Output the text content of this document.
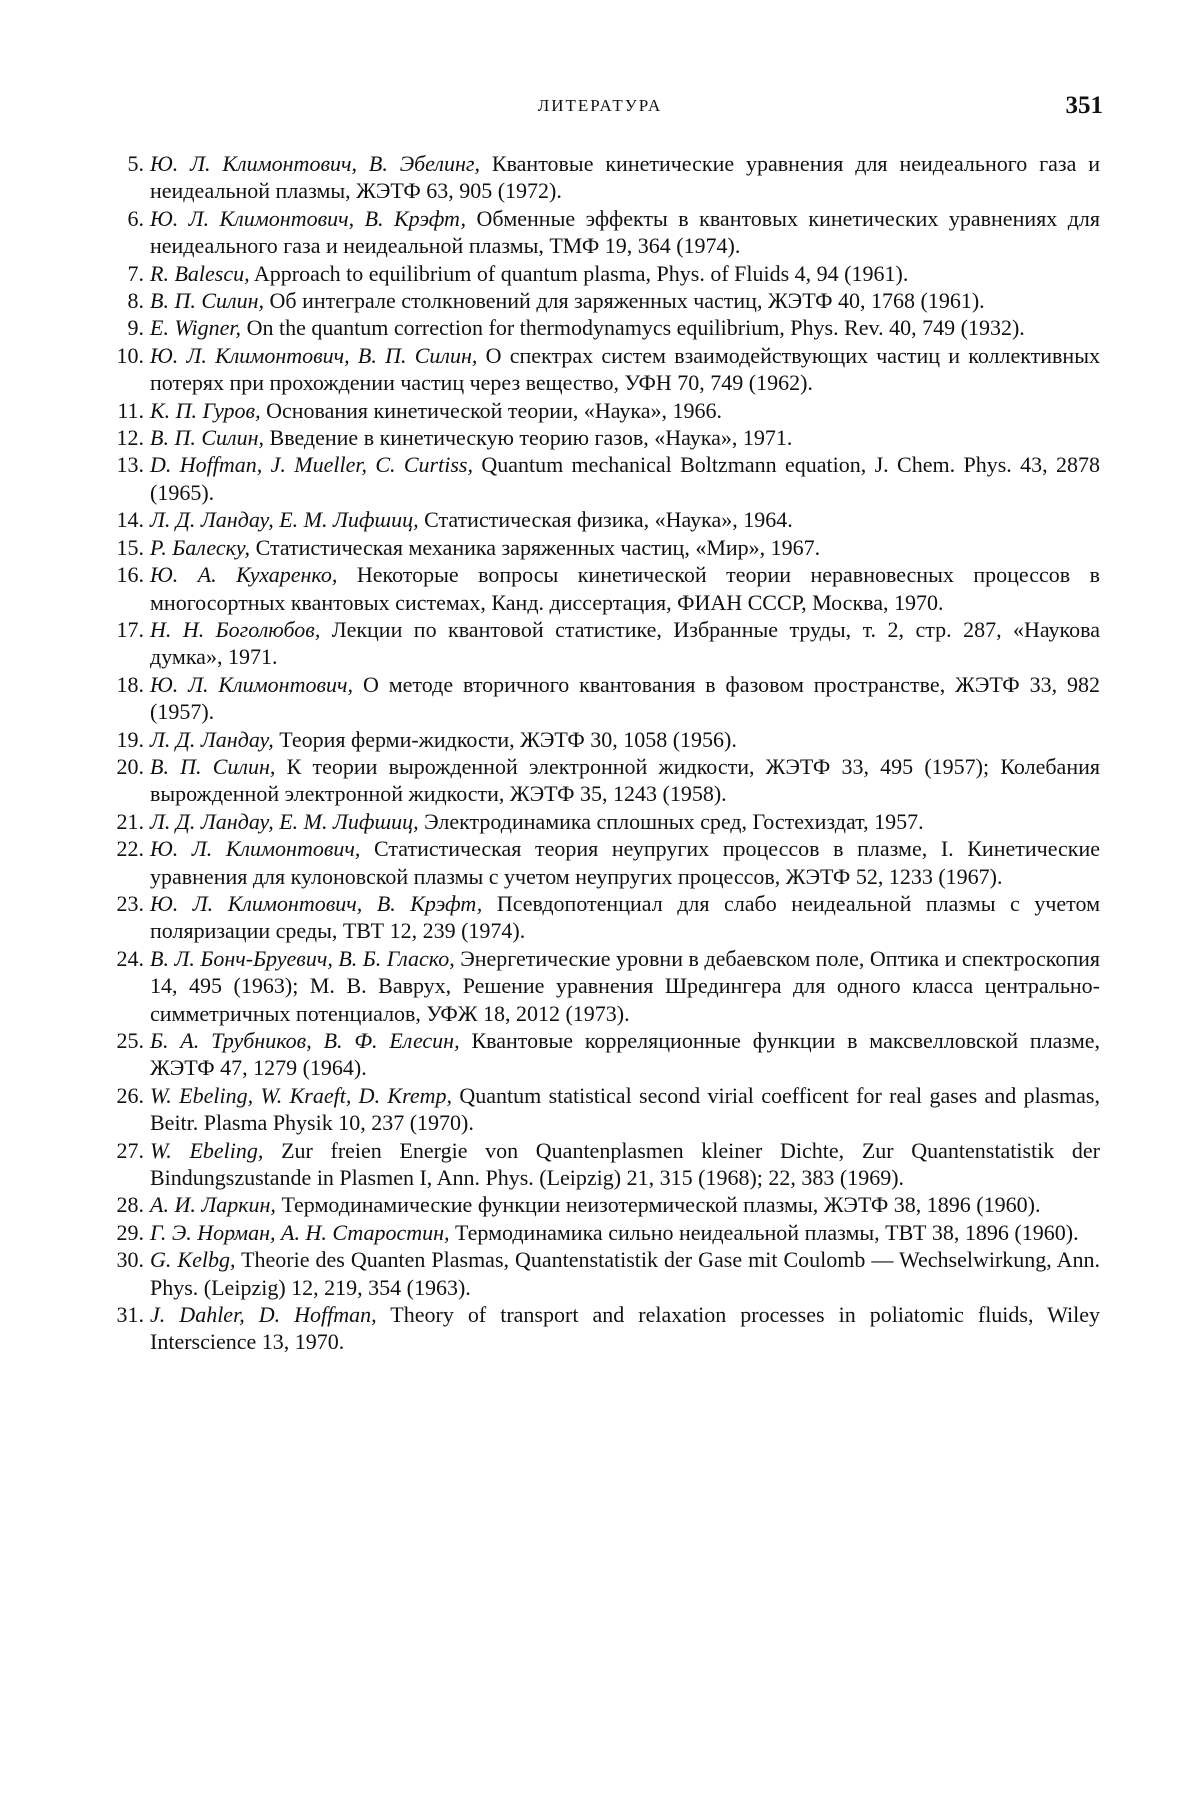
ЛИТЕРАТУРА	351
5. Ю. Л. Климонтович, В. Эбелинг, Квантовые кинетические уравнения для неидеального газа и неидеальной плазмы, ЖЭТФ 63, 905 (1972).
6. Ю. Л. Климонтович, В. Крэфт, Обменные эффекты в квантовых кинетических уравнениях для неидеального газа и неидеальной плазмы, ТМФ 19, 364 (1974).
7. R. Balescu, Approach to equilibrium of quantum plasma, Phys. of Fluids 4, 94 (1961).
8. В. П. Силин, Об интеграле столкновений для заряженных частиц, ЖЭТФ 40, 1768 (1961).
9. E. Wigner, On the quantum correction for thermodynamycs equilibrium, Phys. Rev. 40, 749 (1932).
10. Ю. Л. Климонтович, В. П. Силин, О спектрах систем взаимодействующих частиц и коллективных потерях при прохождении частиц через вещество, УФН 70, 749 (1962).
11. К. П. Гуров, Основания кинетической теории, «Наука», 1966.
12. В. П. Силин, Введение в кинетическую теорию газов, «Наука», 1971.
13. D. Hoffman, J. Mueller, C. Curtiss, Quantum mechanical Boltzmann equation, J. Chem. Phys. 43, 2878 (1965).
14. Л. Д. Ландау, Е. М. Лифшиц, Статистическая физика, «Наука», 1964.
15. Р. Балеску, Статистическая механика заряженных частиц, «Мир», 1967.
16. Ю. А. Кухаренко, Некоторые вопросы кинетической теории неравновесных процессов в многосортных квантовых системах, Канд. диссертация, ФИАН СССР, Москва, 1970.
17. Н. Н. Боголюбов, Лекции по квантовой статистике, Избранные труды, т. 2, стр. 287, «Наукова думка», 1971.
18. Ю. Л. Климонтович, О методе вторичного квантования в фазовом пространстве, ЖЭТФ 33, 982 (1957).
19. Л. Д. Ландау, Теория ферми-жидкости, ЖЭТФ 30, 1058 (1956).
20. В. П. Силин, К теории вырожденной электронной жидкости, ЖЭТФ 33, 495 (1957); Колебания вырожденной электронной жидкости, ЖЭТФ 35, 1243 (1958).
21. Л. Д. Ландау, Е. М. Лифшиц, Электродинамика сплошных сред, Гостехиздат, 1957.
22. Ю. Л. Климонтович, Статистическая теория неупругих процессов в плазме, I. Кинетические уравнения для кулоновской плазмы с учетом неупругих процессов, ЖЭТФ 52, 1233 (1967).
23. Ю. Л. Климонтович, В. Крэфт, Псевдопотенциал для слабо неидеальной плазмы с учетом поляризации среды, ТВТ 12, 239 (1974).
24. В. Л. Бонч-Бруевич, В. Б. Гласко, Энергетические уровни в дебаевском поле, Оптика и спектроскопия 14, 495 (1963); М. В. Ваврух, Решение уравнения Шредингера для одного класса центрально-симметричных потенциалов, УФЖ 18, 2012 (1973).
25. Б. А. Трубников, В. Ф. Елесин, Квантовые корреляционные функции в максвелловской плазме, ЖЭТФ 47, 1279 (1964).
26. W. Ebeling, W. Kraeft, D. Kremp, Quantum statistical second virial coefficent for real gases and plasmas, Beitr. Plasma Physik 10, 237 (1970).
27. W. Ebeling, Zur freien Energie von Quantenplasmen kleiner Dichte, Zur Quantenstatistik der Bindungszustande in Plasmen I, Ann. Phys. (Leipzig) 21, 315 (1968); 22, 383 (1969).
28. А. И. Ларкин, Термодинамические функции неизотермической плазмы, ЖЭТФ 38, 1896 (1960).
29. Г. Э. Норман, А. Н. Старостин, Термодинамика сильно неидеальной плазмы, ТВТ 38, 1896 (1960).
30. G. Kelbg, Theorie des Quanten Plasmas, Quantenstatistik der Gase mit Coulomb — Wechselwirkung, Ann. Phys. (Leipzig) 12, 219, 354 (1963).
31. J. Dahler, D. Hoffman, Theory of transport and relaxation processes in poliatomic fluids, Wiley Interscience 13, 1970.
